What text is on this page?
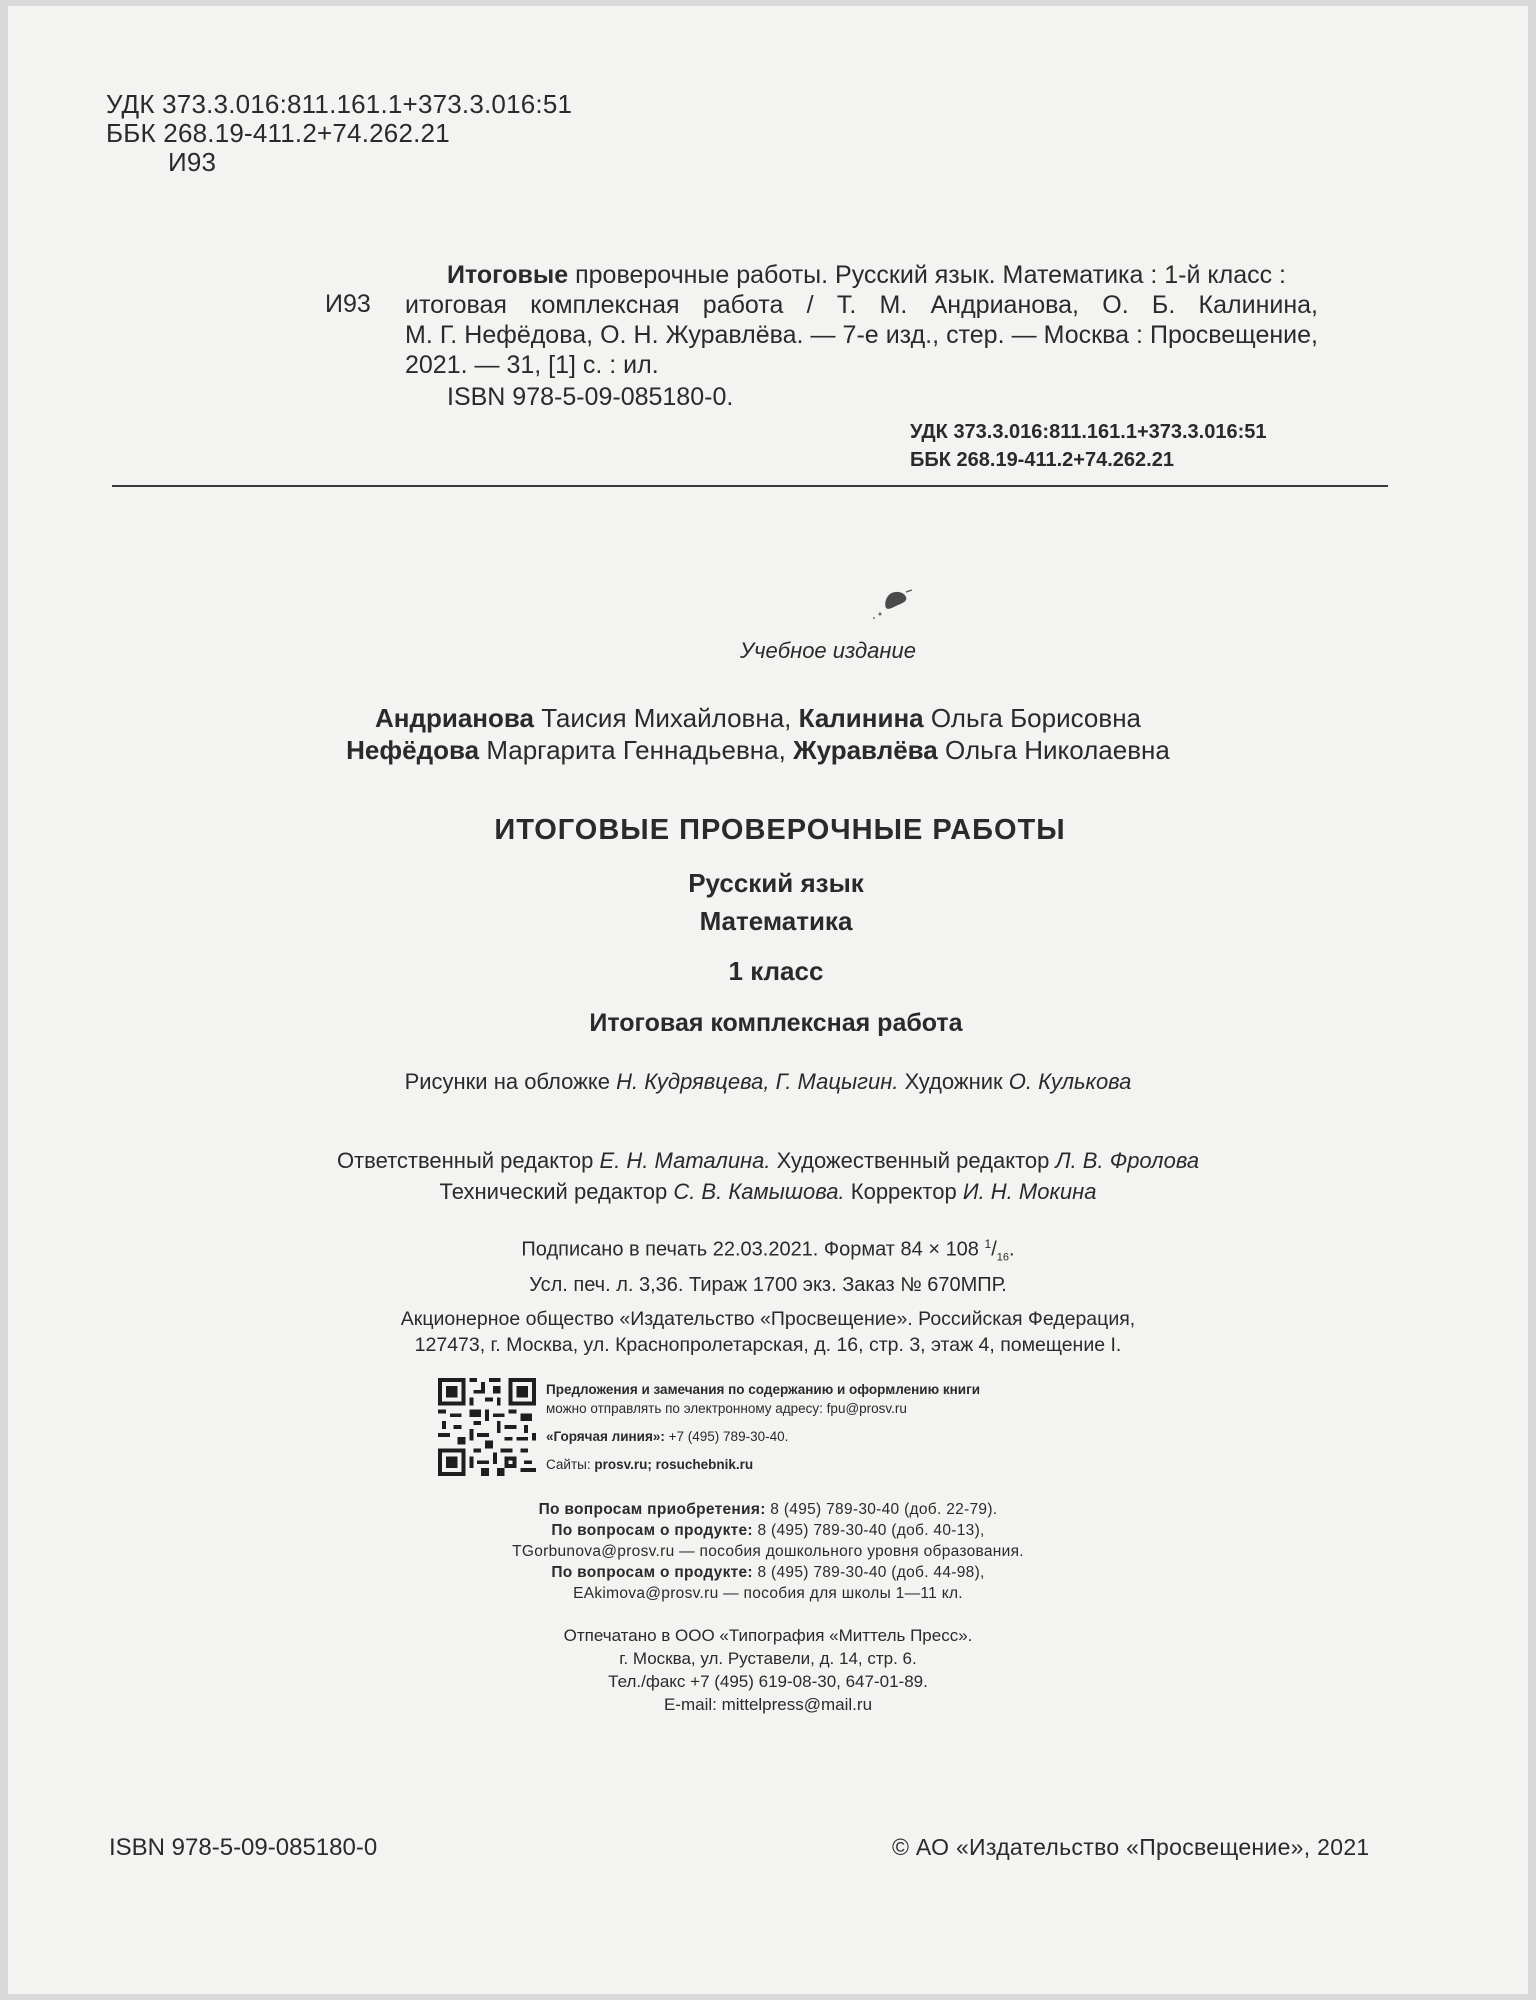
УДК 373.3.016:811.161.1+373.3.016:51
ББК 268.19-411.2+74.262.21
И93
И93
Итоговые проверочные работы. Русский язык. Математика : 1-й класс :
итоговая комплексная работа / Т. М. Андрианова, О. Б. Калинина,
М. Г. Нефёдова, О. Н. Журавлёва. — 7-е изд., стер. — Москва : Просвещение,
2021. — 31, [1] с. : ил.
ISBN 978-5-09-085180-0.
УДК 373.3.016:811.161.1+373.3.016:51
ББК 268.19-411.2+74.262.21
Учебное издание
Андрианова Таисия Михайловна, Калинина Ольга Борисовна
Нефёдова Маргарита Геннадьевна, Журавлёва Ольга Николаевна
ИТОГОВЫЕ ПРОВЕРОЧНЫЕ РАБОТЫ
Русский язык
Математика
1 класс
Итоговая комплексная работа
Рисунки на обложке Н. Кудрявцева, Г. Мацыгин. Художник О. Кулькова
Ответственный редактор Е. Н. Маталина. Художественный редактор Л. В. Фролова
Технический редактор С. В. Камышова. Корректор И. Н. Мокина
Подписано в печать 22.03.2021. Формат 84 × 108 $^1/_{16}$.
Усл. печ. л. 3,36. Тираж 1700 экз. Заказ № 670МПР.
Акционерное общество «Издательство «Просвещение». Российская Федерация,
127473, г. Москва, ул. Краснопролетарская, д. 16, стр. 3, этаж 4, помещение I.
Предложения и замечания по содержанию и оформлению книги
можно отправлять по электронному адресу: fpu@prosv.ru
«Горячая линия»: +7 (495) 789-30-40.
Сайты: prosv.ru; rosuchebnik.ru
По вопросам приобретения: 8 (495) 789-30-40 (доб. 22-79).
По вопросам о продукте: 8 (495) 789-30-40 (доб. 40-13),
TGorbunova@prosv.ru — пособия дошкольного уровня образования.
По вопросам о продукте: 8 (495) 789-30-40 (доб. 44-98),
EAkimova@prosv.ru — пособия для школы 1—11 кл.
Отпечатано в ООО «Типография «Миттель Пресс».
г. Москва, ул. Руставели, д. 14, стр. 6.
Тел./факс +7 (495) 619-08-30, 647-01-89.
E-mail: mittelpress@mail.ru
ISBN 978-5-09-085180-0	© АО «Издательство «Просвещение», 2021
